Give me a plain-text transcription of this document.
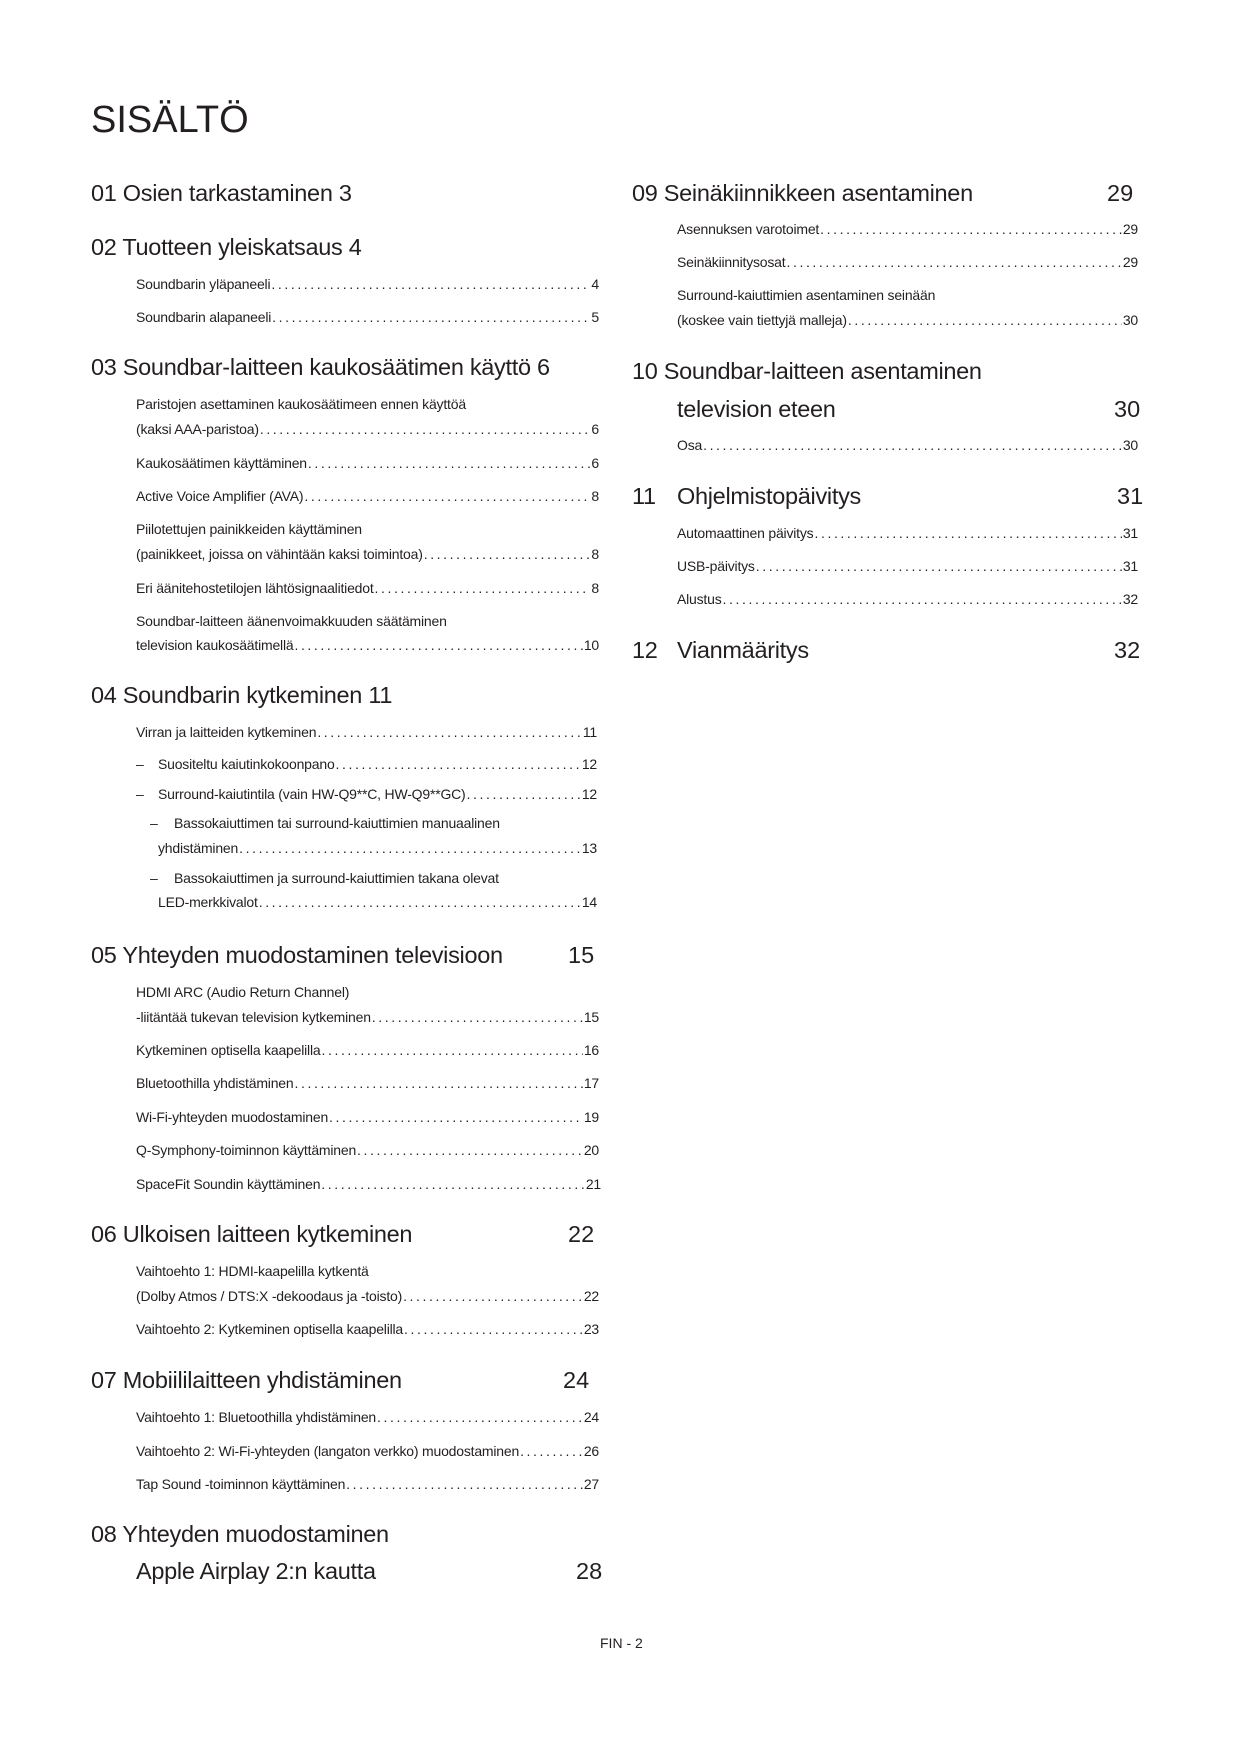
SISÄLTÖ
01 Osien tarkastaminen 3
02 Tuotteen yleiskatsaus 4
Soundbarin yläpaneeli .....	4
Soundbarin alapaneeli .....	5
03 Soundbar-laitteen kaukosäätimen käyttö 6
Paristojen asettaminen kaukosäätimeen ennen käyttöä
(kaksi AAA-paristoa) .....	6
Kaukosäätimen käyttäminen .....	6
Active Voice Amplifier (AVA) .....	8
Piilotettujen painikkeiden käyttäminen
(painikkeet, joissa on vähintään kaksi toimintoa) .....	8
Eri äänitehostetilojen lähtösignaalitiedot .....	8
Soundbar-laitteen äänenvoimakkuuden säätäminen
television kaukosäätimellä .....	10
04 Soundbarin kytkeminen 11
Virran ja laitteiden kytkeminen .....	11
– Suositeltu kaiutinkokoonpano .....	12
– Surround-kaiutintila (vain HW-Q9**C, HW-Q9**GC) .....	12
– Bassokaiuttimen tai surround-kaiuttimien manuaalinen
yhdistäminen .....	13
– Bassokaiuttimen ja surround-kaiuttimien takana olevat
LED-merkkivalot .....	14
05 Yhteyden muodostaminen televisioon	15
HDMI ARC (Audio Return Channel)
-liitäntää tukevan television kytkeminen .....	15
Kytkeminen optisella kaapelilla .....	16
Bluetoothilla yhdistäminen .....	17
Wi-Fi-yhteyden muodostaminen .....	19
Q-Symphony-toiminnon käyttäminen .....	20
SpaceFit Soundin käyttäminen .....	21
06 Ulkoisen laitteen kytkeminen	22
Vaihtoehto 1: HDMI-kaapelilla kytkentä
(Dolby Atmos / DTS:X -dekoodaus ja -toisto) .....	22
Vaihtoehto 2: Kytkeminen optisella kaapelilla .....	23
07 Mobiililaitteen yhdistäminen	24
Vaihtoehto 1: Bluetoothilla yhdistäminen .....	24
Vaihtoehto 2: Wi-Fi-yhteyden (langaton verkko) muodostaminen .....	26
Tap Sound -toiminnon käyttäminen .....	27
08 Yhteyden muodostaminen
Apple Airplay 2:n kautta	28
09 Seinäkiinnikkeen asentaminen	29
Asennuksen varotoimet .....	29
Seinäkiinnitysosat .....	29
Surround-kaiuttimien asentaminen seinään
(koskee vain tiettyjä malleja) .....	30
10 Soundbar-laitteen asentaminen
television eteen	30
Osa .....	30
11 Ohjelmistopäivitys	31
Automaattinen päivitys .....	31
USB-päivitys .....	31
Alustus .....	32
12 Vianmääritys	32
FIN - 2
